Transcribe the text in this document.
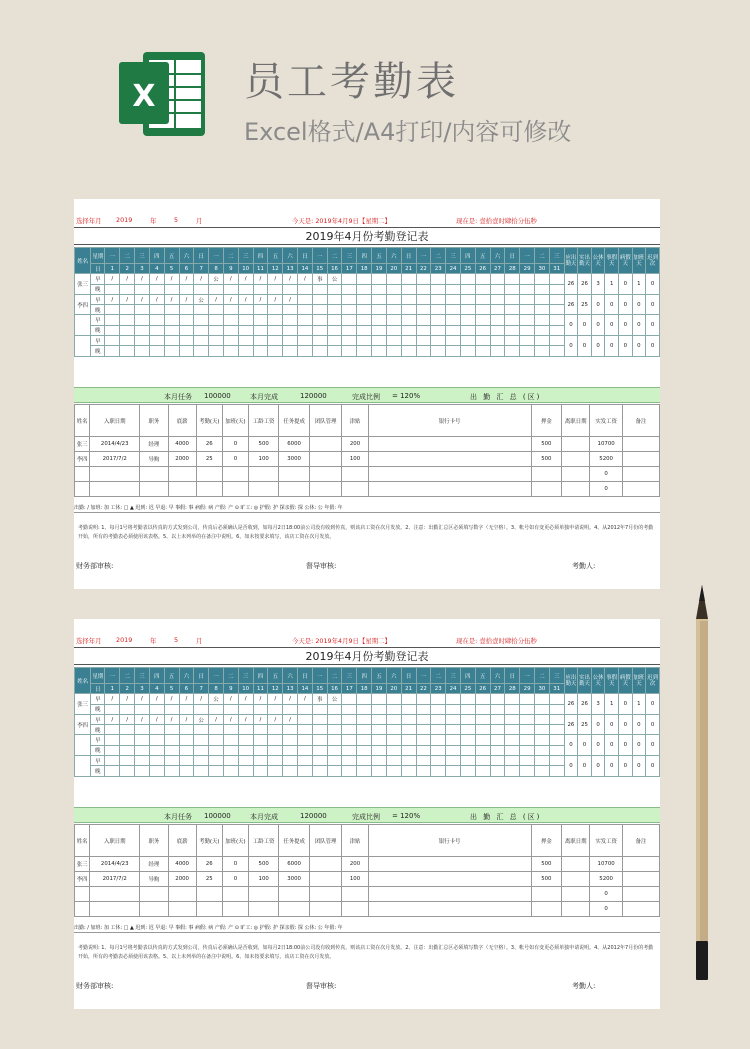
X 员工考勤表
Excel格式/A4打印/内容可修改
选择年月 2019	年	5	月	今天是: 2019年4月9日【星期二】	现在是: 壹拾壹时肆拾分伍秒
2019年4月份考勤登记表
姓名	星期	一	二	三	四	五	六	日	一	二	三	四	五	六	日	一	二	三	四	五	六	日	一	二	三	四	五	六	日	一	二	三	应出勤天	实出勤天	公休天	事假天	病假天	加班天	迟到次
	日	1	2	3	4	5	6	7	8	9	10	11	12	13	14	15	16	17	18	19	20	21	22	23	24	25	26	27	28	29	30	31							
张三	早	/	/	/	/	/	/	/	公	/	/	/	/	/	/	事	公																26	26	3	1	0	1	0
	晚																																						
李四	早	/	/	/	/	/	/	公	/	/	/	/	/	/																			26	25	0	0	0	0	0
	晚																																						
	早																																0	0	0	0	0	0	0
	晚																																						
	早																																0	0	0	0	0	0	0
	晚																																						
本月任务 100000	本月完成	120000	完成比例 = 120%	出 勤 汇 总 (区)
姓名	入职日期	职务	底薪	考勤(天)	加班(天)	工龄工资	任务提成	团队管理	津贴	银行卡号	押金	离职日期	实发工资	备注
张三	2014/4/23	经理	4000	26	0	500	6000		200		500		10700	
李四	2017/7/2	导购	2000	25	0	100	3000		100		500		5200	
													0	
													0	
出勤: / 加班: 加 工休: □ ▲ 迟到: 迟 早退: 早 事假: 事 病假: 病 产假: 产 ⊙ 旷工: ◎ 护假: 护 探亲假: 探 公休: 公 年假: 年
考勤说明: 1、每月1号将考勤表以传真的方式发到公司，传真后必须确认是否收到，如每月2日18:00前公司没有收到传真，则该店工资在次月发放。2、注意：出勤汇总区必须填写数字（无空格）。3、帐号如有变更必须单独申请说明。4、从2012年7月份的考勤开始，所有的考勤表必须使用该表格。5、以上未列举的在备注中说明。6、如未按要求填写，该店工资在次月发放。
财务部审核:	督导审核:	考勤人:
选择年月 2019	年	5	月	今天是: 2019年4月9日【星期二】	现在是: 壹拾壹时肆拾分伍秒
2019年4月份考勤登记表
姓名	星期	一	二	三	四	五	六	日	一	二	三	四	五	六	日	一	二	三	四	五	六	日	一	二	三	四	五	六	日	一	二	三	应出勤天	实出勤天	公休天	事假天	病假天	加班天	迟到次
	日	1	2	3	4	5	6	7	8	9	10	11	12	13	14	15	16	17	18	19	20	21	22	23	24	25	26	27	28	29	30	31							
张三	早	/	/	/	/	/	/	/	公	/	/	/	/	/	/	事	公																26	26	3	1	0	1	0
	晚																																						
李四	早	/	/	/	/	/	/	公	/	/	/	/	/	/																			26	25	0	0	0	0	0
	晚																																						
	早																																0	0	0	0	0	0	0
	晚																																						
	早																																0	0	0	0	0	0	0
	晚																																						
本月任务 100000	本月完成	120000	完成比例 = 120%	出 勤 汇 总 (区)
姓名	入职日期	职务	底薪	考勤(天)	加班(天)	工龄工资	任务提成	团队管理	津贴	银行卡号	押金	离职日期	实发工资	备注
张三	2014/4/23	经理	4000	26	0	500	6000		200		500		10700	
李四	2017/7/2	导购	2000	25	0	100	3000		100		500		5200	
													0	
													0	
出勤: / 加班: 加 工休: □ ▲ 迟到: 迟 早退: 早 事假: 事 病假: 病 产假: 产 ⊙ 旷工: ◎ 护假: 护 探亲假: 探 公休: 公 年假: 年
考勤说明: 1、每月1号将考勤表以传真的方式发到公司，传真后必须确认是否收到，如每月2日18:00前公司没有收到传真，则该店工资在次月发放。2、注意：出勤汇总区必须填写数字（无空格）。3、帐号如有变更必须单独申请说明。4、从2012年7月份的考勤开始，所有的考勤表必须使用该表格。5、以上未列举的在备注中说明。6、如未按要求填写，该店工资在次月发放。
财务部审核:	督导审核:	考勤人:
